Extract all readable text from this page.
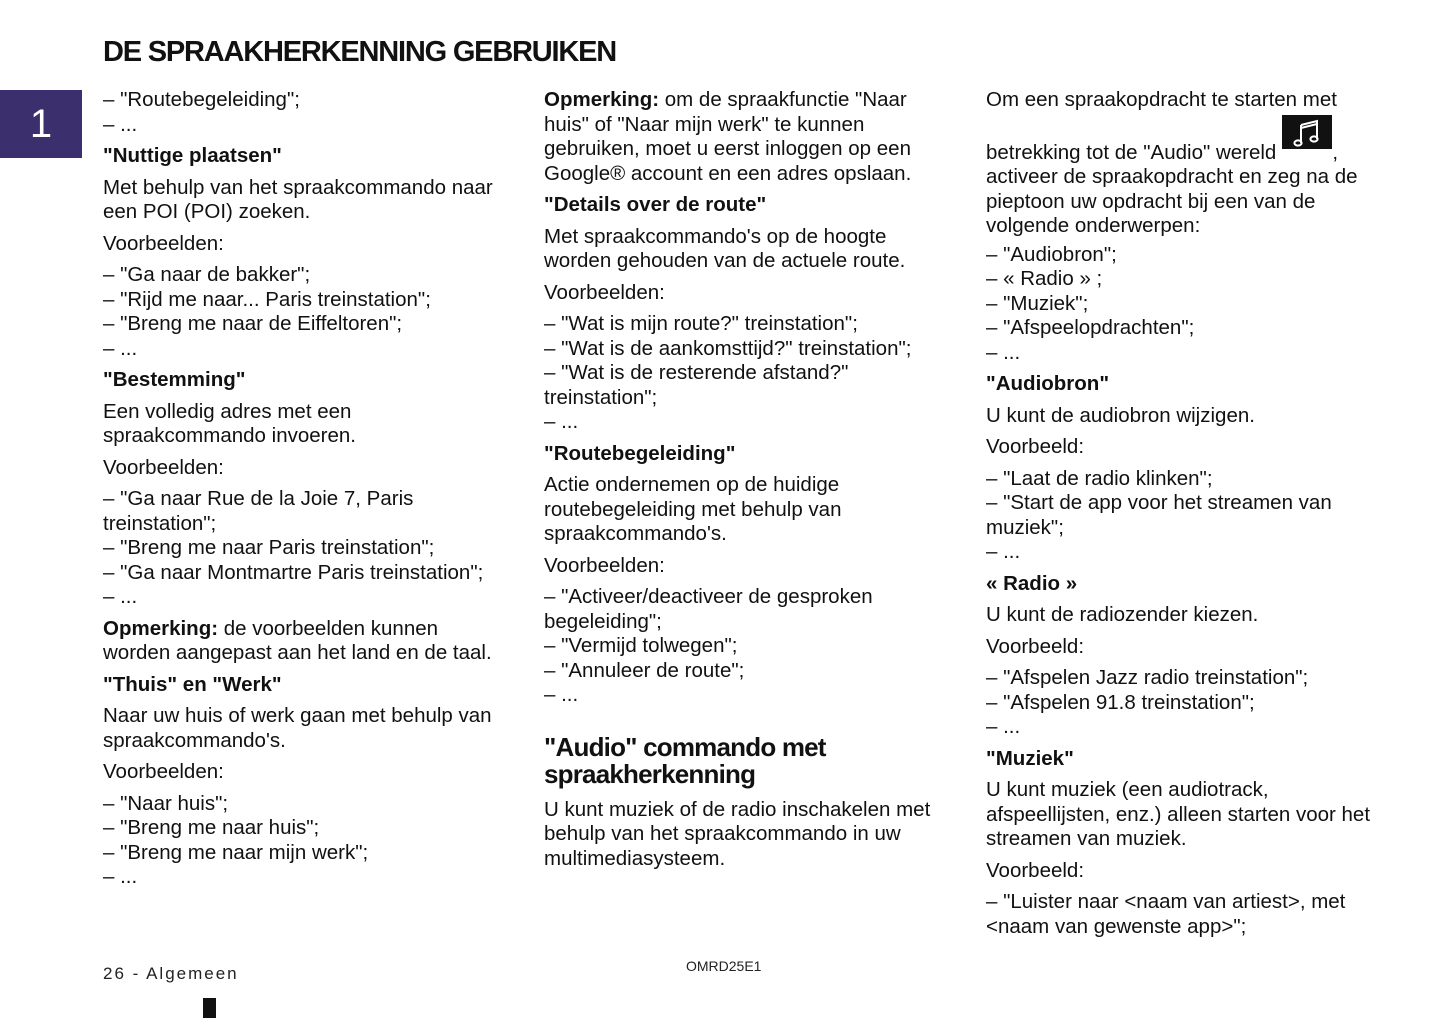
DE SPRAAKHERKENNING GEBRUIKEN
1
– "Routebegeleiding";
– ...
"Nuttige plaatsen"

Met behulp van het spraakcommando naar een POI (POI) zoeken.

Voorbeelden:

– "Ga naar de bakker";
– "Rijd me naar... Paris treinstation";
– "Breng me naar de Eiffeltoren";
– ...
"Bestemming"

Een volledig adres met een spraakcommando invoeren.

Voorbeelden:

– "Ga naar Rue de la Joie 7, Paris treinstation";
– "Breng me naar Paris treinstation";
– "Ga naar Montmartre Paris treinstation";
– ...

Opmerking: de voorbeelden kunnen worden aangepast aan het land en de taal.

"Thuis" en "Werk"

Naar uw huis of werk gaan met behulp van spraakcommando's.

Voorbeelden:

– "Naar huis";
– "Breng me naar huis";
– "Breng me naar mijn werk";
– ...

Opmerking: om de spraakfunctie "Naar huis" of "Naar mijn werk" te kunnen gebruiken, moet u eerst inloggen op een Google® account en een adres opslaan.

"Details over de route"

Met spraakcommando's op de hoogte worden gehouden van de actuele route.

Voorbeelden:

– "Wat is mijn route?" treinstation";
– "Wat is de aankomsttijd?" treinstation";
– "Wat is de resterende afstand?" treinstation";
– ...
"Routebegeleiding"

Actie ondernemen op de huidige routebegeleiding met behulp van spraakcommando's.

Voorbeelden:

– "Activeer/deactiveer de gesproken begeleiding";
– "Vermijd tolwegen";
– "Annuleer de route";
– ...
"Audio" commando met spraakherkenning

U kunt muziek of de radio inschakelen met behulp van het spraakcommando in uw multimediasysteem.

Om een spraakopdracht te starten met
betrekking tot de "Audio" wereld	,
activeer de spraakopdracht en zeg na de pieptoon uw opdracht bij een van de volgende onderwerpen:

– "Audiobron";
– « Radio » ;
– "Muziek";
– "Afspeelopdrachten";
– ...
"Audiobron"

U kunt de audiobron wijzigen.

Voorbeeld:

– "Laat de radio klinken";
– "Start de app voor het streamen van muziek";
– ...
« Radio »

U kunt de radiozender kiezen.

Voorbeeld:

– "Afspelen Jazz radio treinstation";
– "Afspelen 91.8 treinstation";
– ...
"Muziek"

U kunt muziek (een audiotrack, afspeellijsten, enz.) alleen starten voor het streamen van muziek.

Voorbeeld:

– "Luister naar <naam van artiest>, met <naam van gewenste app>";
26 - Algemeen	OMRD25E1
